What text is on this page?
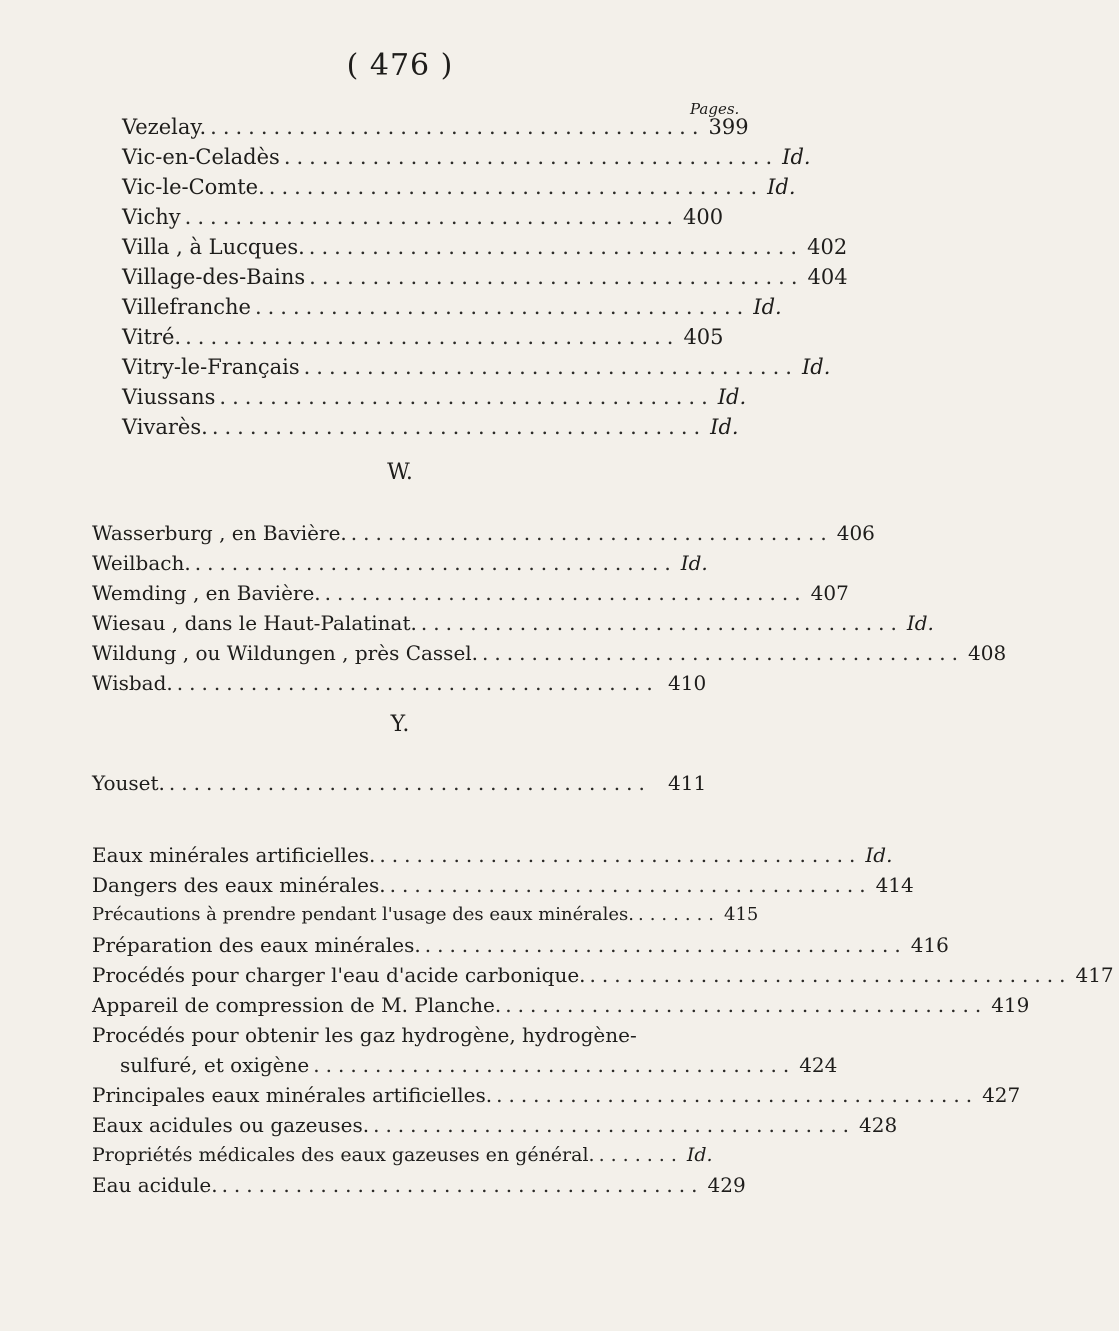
( 476 )
Pages.
Vezelay. ....................................... 399
Vic-en-Celadès ....................................... Id.
Vic-le-Comte. ....................................... Id.
Vichy ....................................... 400
Villa , à Lucques. ....................................... 402
Village-des-Bains ....................................... 404
Villefranche ....................................... Id.
Vitré. ....................................... 405
Vitry-le-Français ....................................... Id.
Viussans ....................................... Id.
Vivarès. ....................................... Id.
W.
Wasserburg , en Bavière. ....................................... 406
Weilbach. ....................................... Id.
Wemding , en Bavière. ....................................... 407
Wiesau , dans le Haut-Palatinat. ....................................... Id.
Wildung , ou Wildungen , près Cassel. ....................................... 408
Wisbad. ....................................... 410
Y.
Youset. ....................................... 411
Eaux minérales artificielles. ....................................... Id.
Dangers des eaux minérales. ....................................... 414
Précautions à prendre pendant l'usage des eaux minérales. ....... 415
Préparation des eaux minérales. ....................................... 416
Procédés pour charger l'eau d'acide carbonique. ....................................... 417
Appareil de compression de M. Planche. ....................................... 419
Procédés pour obtenir les gaz hydrogène, hydrogène-
sulfuré, et oxigène ....................................... 424
Principales eaux minérales artificielles. ....................................... 427
Eaux acidules ou gazeuses. ....................................... 428
Propriétés médicales des eaux gazeuses en général. ....... Id.
Eau acidule. ....................................... 429
